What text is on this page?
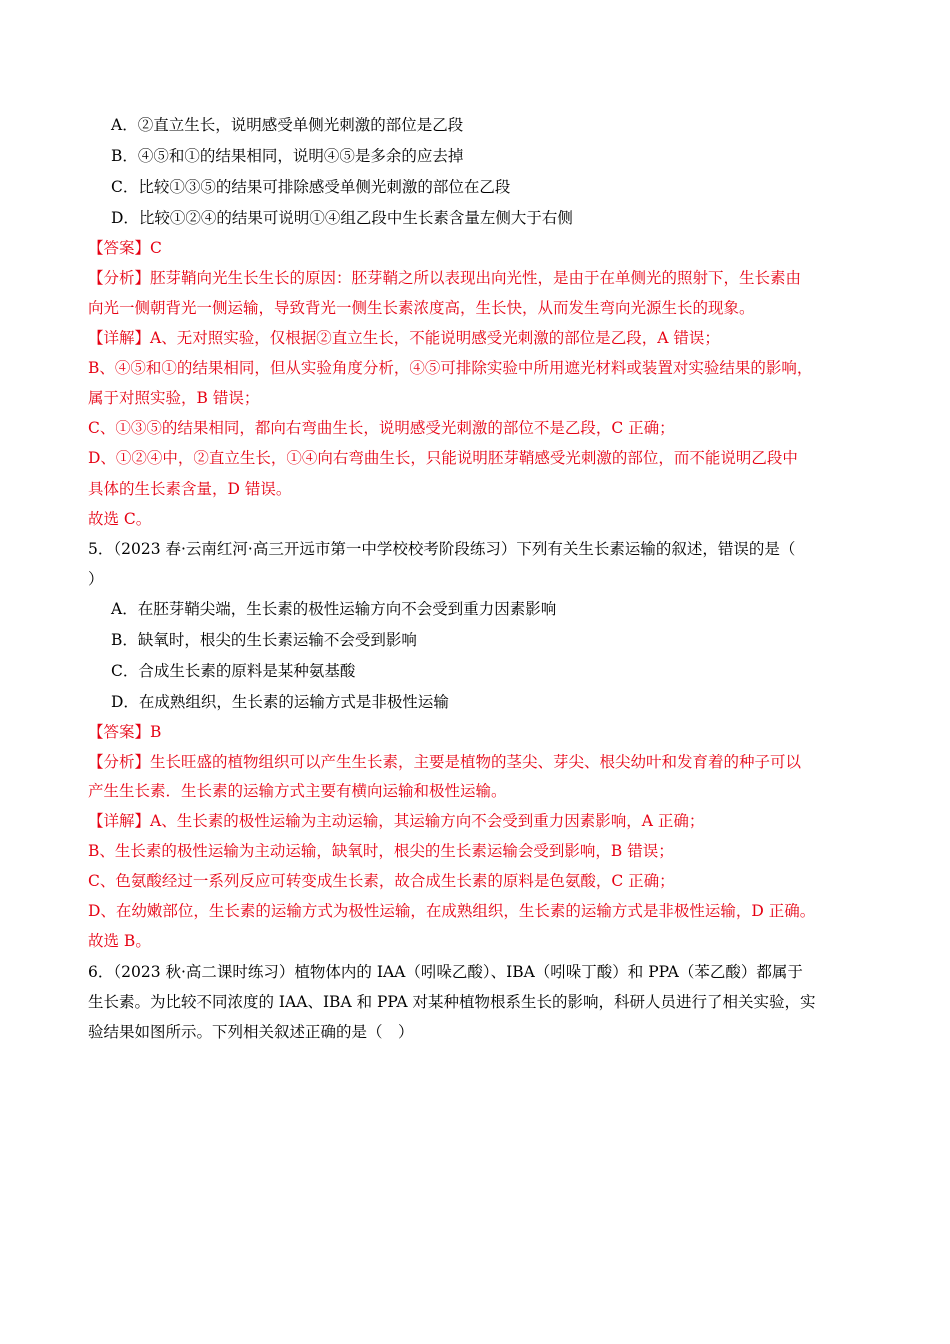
A．②直立生长，说明感受单侧光刺激的部位是乙段
B．④⑤和①的结果相同，说明④⑤是多余的应去掉
C．比较①③⑤的结果可排除感受单侧光刺激的部位在乙段
D．比较①②④的结果可说明①④组乙段中生长素含量左侧大于右侧
【答案】C
【分析】胚芽鞘向光生长生长的原因：胚芽鞘之所以表现出向光性，是由于在单侧光的照射下，生长素由
向光一侧朝背光一侧运输，导致背光一侧生长素浓度高，生长快，从而发生弯向光源生长的现象。
【详解】A、无对照实验，仅根据②直立生长，不能说明感受光刺激的部位是乙段，A 错误；
B、④⑤和①的结果相同，但从实验角度分析，④⑤可排除实验中所用遮光材料或装置对实验结果的影响，
属于对照实验，B 错误；
C、①③⑤的结果相同，都向右弯曲生长，说明感受光刺激的部位不是乙段，C 正确；
D、①②④中，②直立生长，①④向右弯曲生长，只能说明胚芽鞘感受光刺激的部位，而不能说明乙段中
具体的生长素含量，D 错误。
故选 C。
5．（2023 春·云南红河·高三开远市第一中学校校考阶段练习）下列有关生长素运输的叙述，错误的是（
）
A．在胚芽鞘尖端，生长素的极性运输方向不会受到重力因素影响
B．缺氧时，根尖的生长素运输不会受到影响
C．合成生长素的原料是某种氨基酸
D．在成熟组织，生长素的运输方式是非极性运输
【答案】B
【分析】生长旺盛的植物组织可以产生生长素，主要是植物的茎尖、芽尖、根尖幼叶和发育着的种子可以
产生生长素．生长素的运输方式主要有横向运输和极性运输。
【详解】A、生长素的极性运输为主动运输，其运输方向不会受到重力因素影响，A 正确；
B、生长素的极性运输为主动运输，缺氧时，根尖的生长素运输会受到影响，B 错误；
C、色氨酸经过一系列反应可转变成生长素，故合成生长素的原料是色氨酸，C 正确；
D、在幼嫩部位，生长素的运输方式为极性运输，在成熟组织，生长素的运输方式是非极性运输，D 正确。
故选 B。
6．（2023 秋·高二课时练习）植物体内的 IAA（吲哚乙酸）、IBA（吲哚丁酸）和 PPA（苯乙酸）都属于
生长素。为比较不同浓度的 IAA、IBA 和 PPA 对某种植物根系生长的影响，科研人员进行了相关实验，实
验结果如图所示。下列相关叙述正确的是（　）
